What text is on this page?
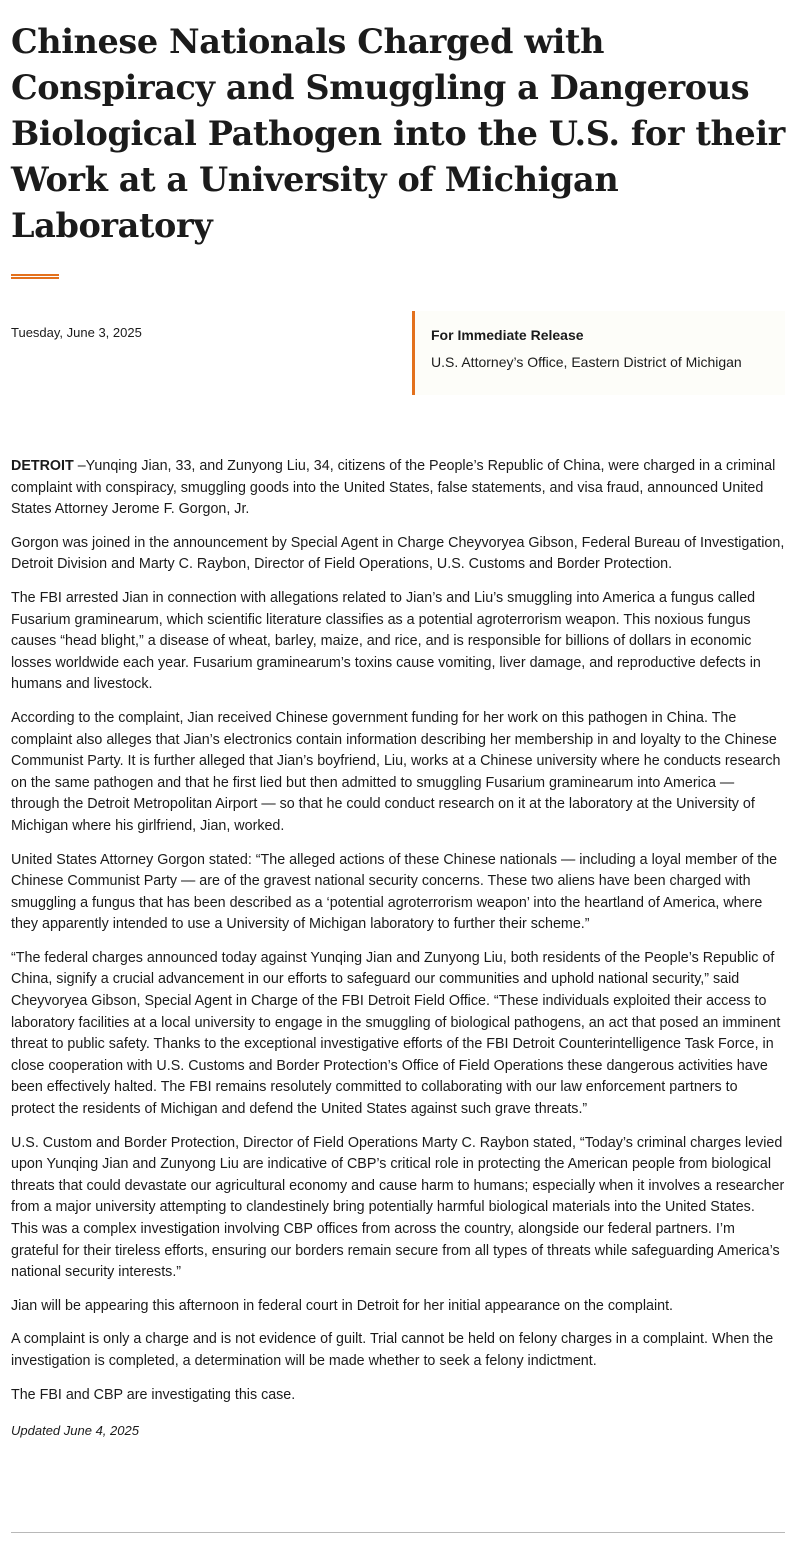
Chinese Nationals Charged with Conspiracy and Smuggling a Dangerous Biological Pathogen into the U.S. for their Work at a University of Michigan Laboratory
Tuesday, June 3, 2025	For Immediate Release
U.S. Attorney’s Office, Eastern District of Michigan

DETROIT –Yunqing Jian, 33, and Zunyong Liu, 34, citizens of the People’s Republic of China, were charged in a criminal complaint with conspiracy, smuggling goods into the United States, false statements, and visa fraud, announced United States Attorney Jerome F. Gorgon, Jr.

Gorgon was joined in the announcement by Special Agent in Charge Cheyvoryea Gibson, Federal Bureau of Investigation, Detroit Division and Marty C. Raybon, Director of Field Operations, U.S. Customs and Border Protection.

The FBI arrested Jian in connection with allegations related to Jian’s and Liu’s smuggling into America a fungus called Fusarium graminearum, which scientific literature classifies as a potential agroterrorism weapon. This noxious fungus causes “head blight,” a disease of wheat, barley, maize, and rice, and is responsible for billions of dollars in economic losses worldwide each year. Fusarium graminearum’s toxins cause vomiting, liver damage, and reproductive defects in humans and livestock.

According to the complaint, Jian received Chinese government funding for her work on this pathogen in China. The complaint also alleges that Jian’s electronics contain information describing her membership in and loyalty to the Chinese Communist Party. It is further alleged that Jian’s boyfriend, Liu, works at a Chinese university where he conducts research on the same pathogen and that he first lied but then admitted to smuggling Fusarium graminearum into America — through the Detroit Metropolitan Airport — so that he could conduct research on it at the laboratory at the University of Michigan where his girlfriend, Jian, worked.

United States Attorney Gorgon stated: “The alleged actions of these Chinese nationals — including a loyal member of the Chinese Communist Party — are of the gravest national security concerns. These two aliens have been charged with smuggling a fungus that has been described as a ‘potential agroterrorism weapon’ into the heartland of America, where they apparently intended to use a University of Michigan laboratory to further their scheme.”

“The federal charges announced today against Yunqing Jian and Zunyong Liu, both residents of the People’s Republic of China, signify a crucial advancement in our efforts to safeguard our communities and uphold national security,” said Cheyvoryea Gibson, Special Agent in Charge of the FBI Detroit Field Office. “These individuals exploited their access to laboratory facilities at a local university to engage in the smuggling of biological pathogens, an act that posed an imminent threat to public safety. Thanks to the exceptional investigative efforts of the FBI Detroit Counterintelligence Task Force, in close cooperation with U.S. Customs and Border Protection’s Office of Field Operations these dangerous activities have been effectively halted. The FBI remains resolutely committed to collaborating with our law enforcement partners to protect the residents of Michigan and defend the United States against such grave threats.”

U.S. Custom and Border Protection, Director of Field Operations Marty C. Raybon stated, “Today’s criminal charges levied upon Yunqing Jian and Zunyong Liu are indicative of CBP’s critical role in protecting the American people from biological threats that could devastate our agricultural economy and cause harm to humans; especially when it involves a researcher from a major university attempting to clandestinely bring potentially harmful biological materials into the United States. This was a complex investigation involving CBP offices from across the country, alongside our federal partners. I’m grateful for their tireless efforts, ensuring our borders remain secure from all types of threats while safeguarding America’s national security interests.”

Jian will be appearing this afternoon in federal court in Detroit for her initial appearance on the complaint.

A complaint is only a charge and is not evidence of guilt. Trial cannot be held on felony charges in a complaint. When the investigation is completed, a determination will be made whether to seek a felony indictment.

The FBI and CBP are investigating this case.

Updated June 4, 2025
